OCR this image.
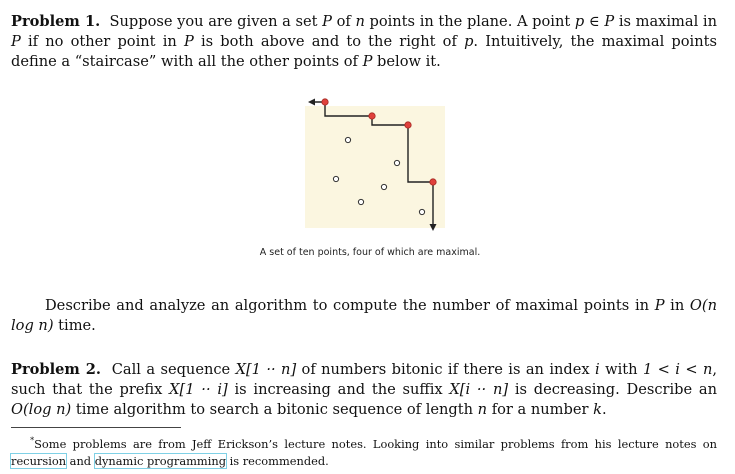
Problem 1. Suppose you are given a set P of n points in the plane. A point p ∈ P is maximal in P if no other point in P is both above and to the right of p. Intuitively, the maximal points define a “staircase” with all the other points of P below it.

A set of ten points, four of which are maximal.

Describe and analyze an algorithm to compute the number of maximal points in P in O(n log n) time.

Problem 2. Call a sequence X[1 ·· n] of numbers bitonic if there is an index i with 1 < i < n, such that the prefix X[1 ·· i] is increasing and the suffix X[i ·· n] is decreasing. Describe an O(log n) time algorithm to search a bitonic sequence of length n for a number k.

*Some problems are from Jeff Erickson’s lecture notes. Looking into similar problems from his lecture notes on recursion and dynamic programming is recommended.
